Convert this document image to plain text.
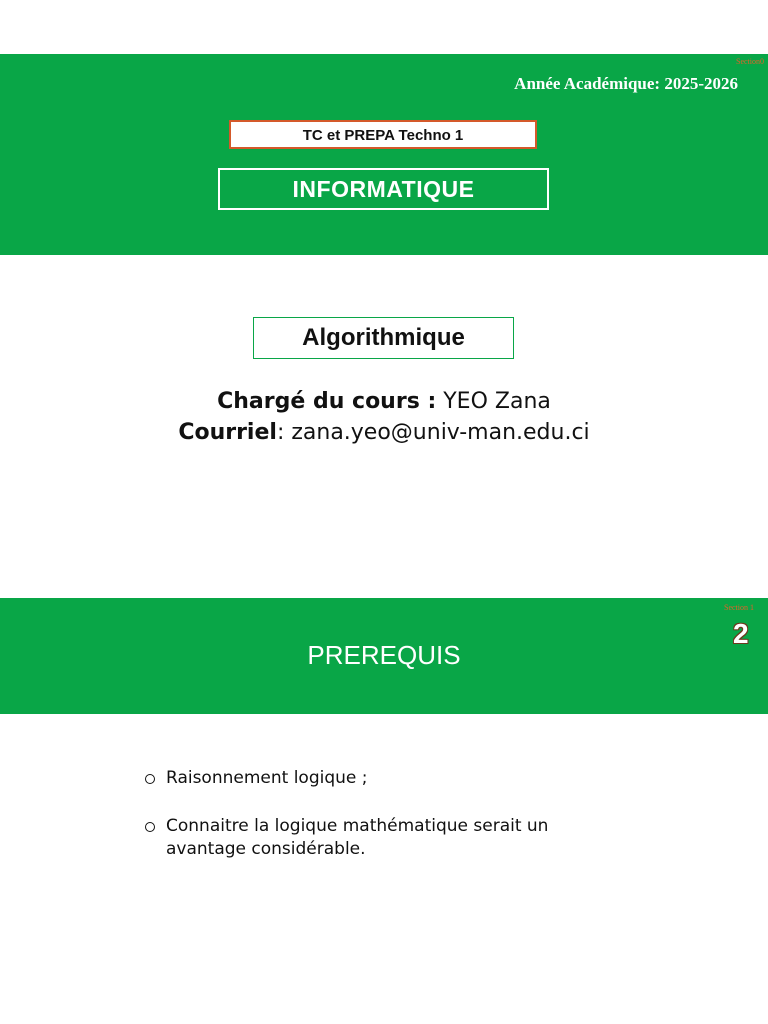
Section0
Année Académique: 2025-2026
TC et PREPA Techno 1
INFORMATIQUE
Algorithmique
Chargé du cours : YEO Zana
Courriel: zana.yeo@univ-man.edu.ci
Section 1
PREREQUIS
2
Raisonnement logique ;
Connaitre la logique mathématique serait un avantage considérable.
